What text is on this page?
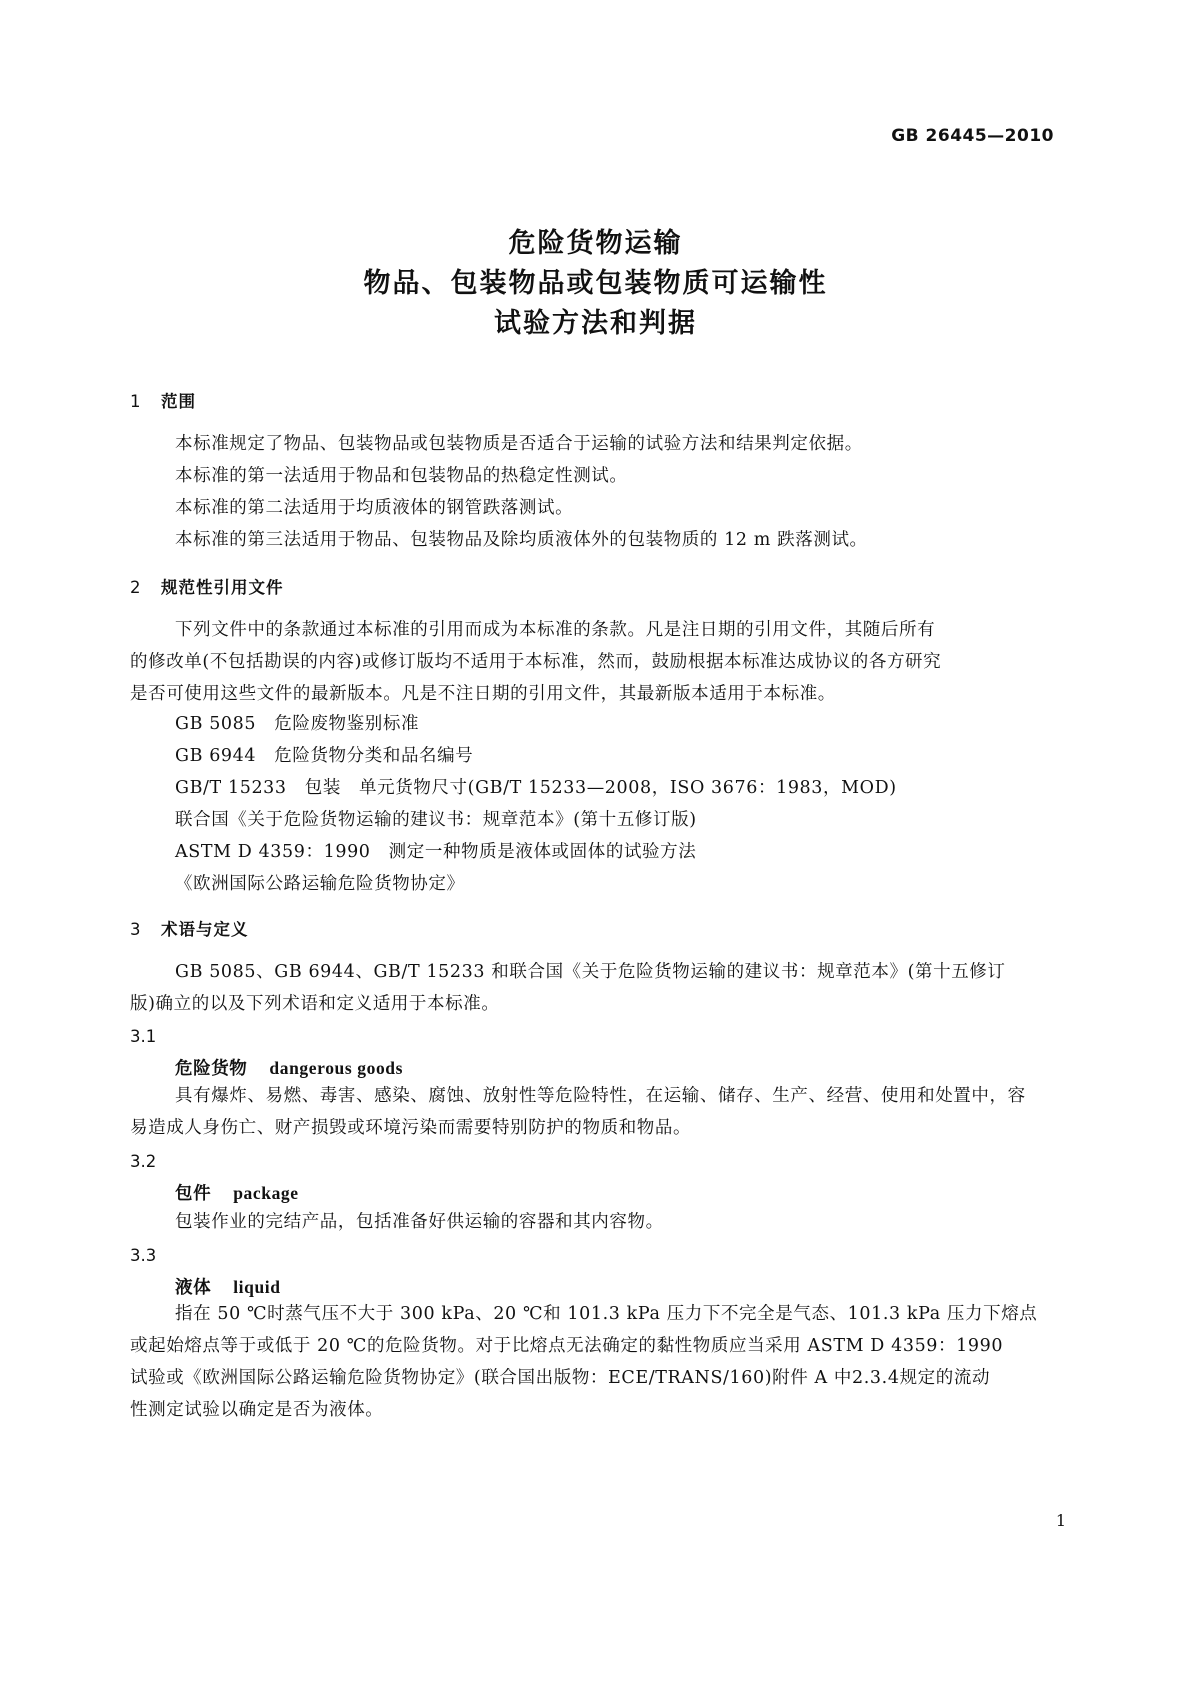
GB 26445—2010
危险货物运输
物品、包装物品或包装物质可运输性
试验方法和判据
1 范围
本标准规定了物品、包装物品或包装物质是否适合于运输的试验方法和结果判定依据。
本标准的第一法适用于物品和包装物品的热稳定性测试。
本标准的第二法适用于均质液体的钢管跌落测试。
本标准的第三法适用于物品、包装物品及除均质液体外的包装物质的 12 m 跌落测试。
2 规范性引用文件
下列文件中的条款通过本标准的引用而成为本标准的条款。凡是注日期的引用文件，其随后所有
的修改单(不包括勘误的内容)或修订版均不适用于本标准，然而，鼓励根据本标准达成协议的各方研究
是否可使用这些文件的最新版本。凡是不注日期的引用文件，其最新版本适用于本标准。
GB 5085　危险废物鉴别标准
GB 6944　危险货物分类和品名编号
GB/T 15233　包装　单元货物尺寸(GB/T 15233—2008，ISO 3676：1983，MOD)
联合国《关于危险货物运输的建议书：规章范本》(第十五修订版)
ASTM D 4359：1990　测定一种物质是液体或固体的试验方法
《欧洲国际公路运输危险货物协定》
3 术语与定义
GB 5085、GB 6944、GB/T 15233 和联合国《关于危险货物运输的建议书：规章范本》(第十五修订
版)确立的以及下列术语和定义适用于本标准。
3.1
危险货物 dangerous goods
具有爆炸、易燃、毒害、感染、腐蚀、放射性等危险特性，在运输、储存、生产、经营、使用和处置中，容
易造成人身伤亡、财产损毁或环境污染而需要特别防护的物质和物品。
3.2
包件 package
包装作业的完结产品，包括准备好供运输的容器和其内容物。
3.3
液体 liquid
指在 50 ℃时蒸气压不大于 300 kPa、20 ℃和 101.3 kPa 压力下不完全是气态、101.3 kPa 压力下熔点
或起始熔点等于或低于 20 ℃的危险货物。对于比熔点无法确定的黏性物质应当采用 ASTM D 4359：1990
试验或《欧洲国际公路运输危险货物协定》(联合国出版物：ECE/TRANS/160)附件 A 中2.3.4规定的流动
性测定试验以确定是否为液体。
1
